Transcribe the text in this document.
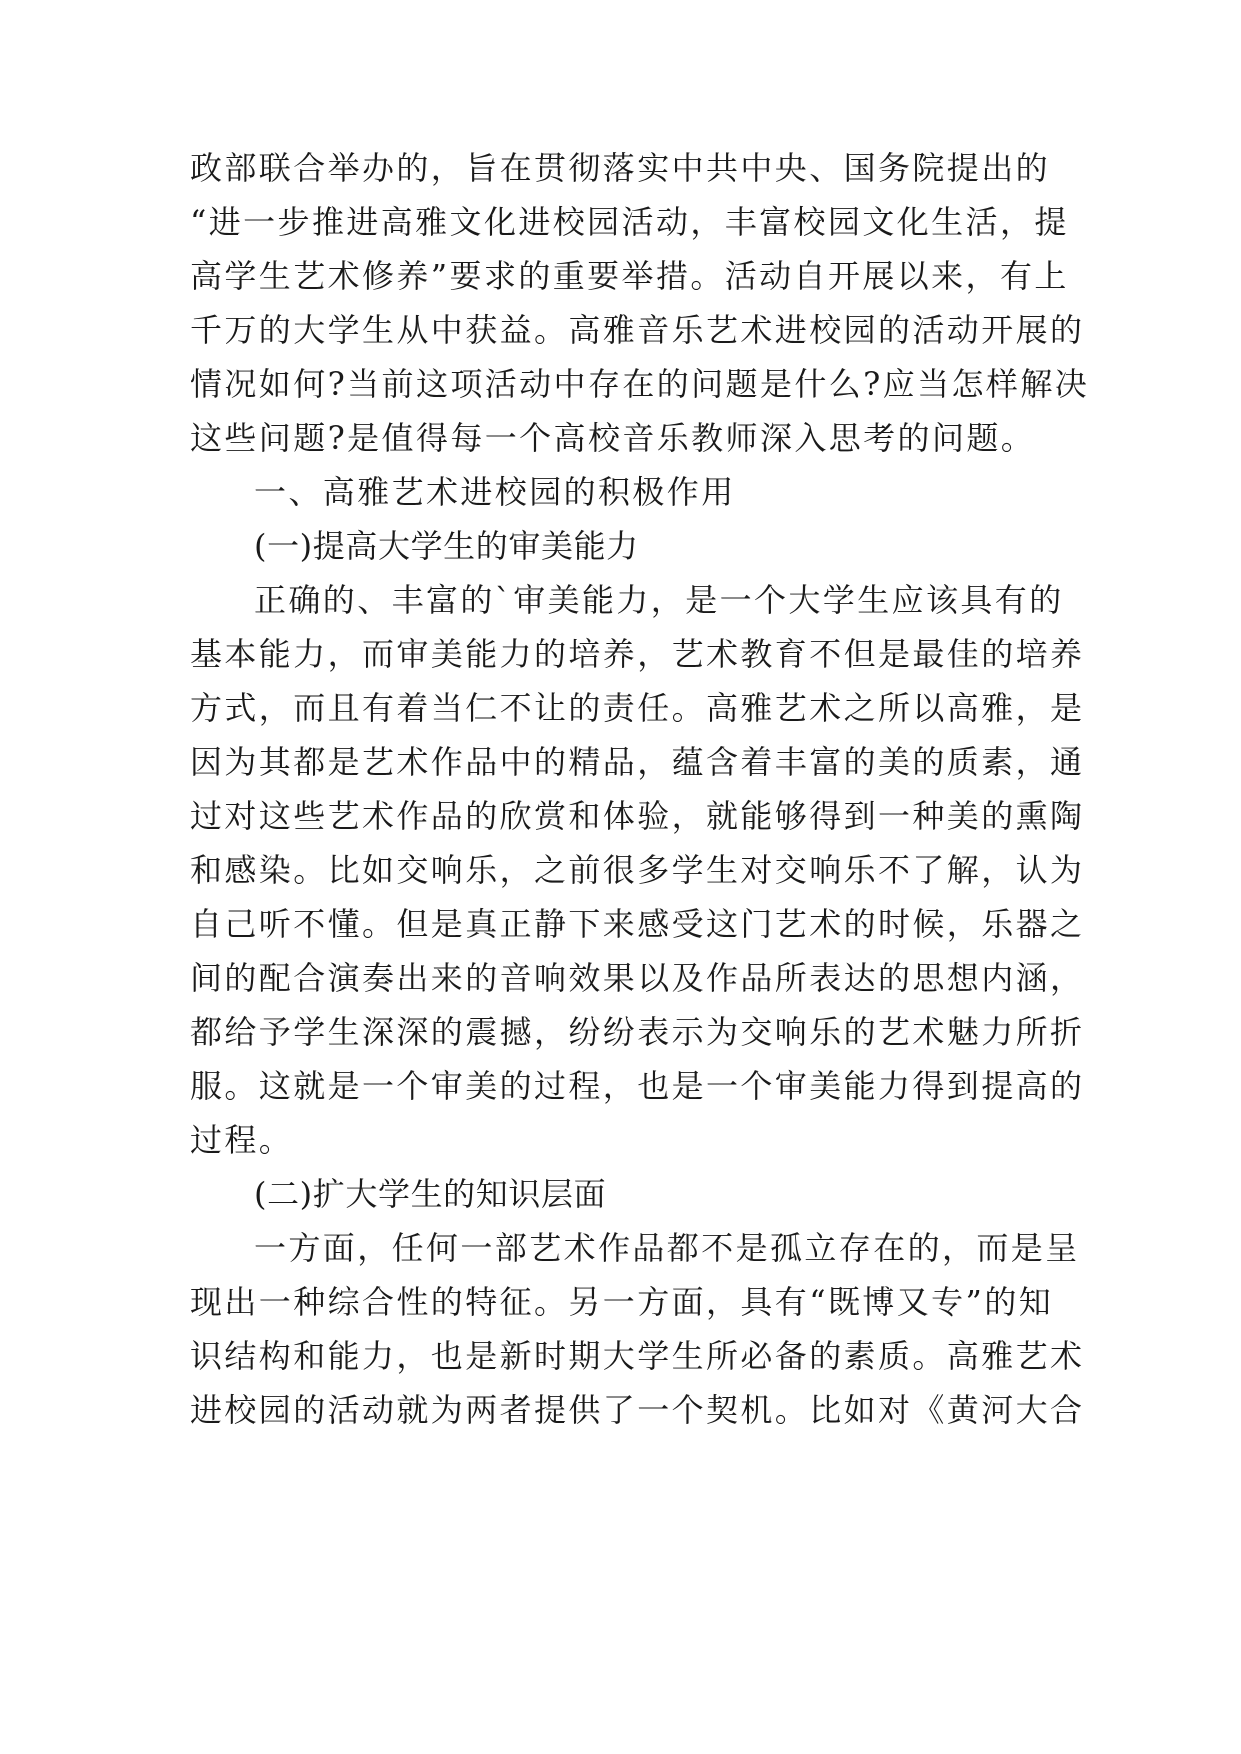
政部联合举办的，旨在贯彻落实中共中央、国务院提出的
“进一步推进高雅文化进校园活动，丰富校园文化生活，提
高学生艺术修养”要求的重要举措。活动自开展以来，有上
千万的大学生从中获益。高雅音乐艺术进校园的活动开展的
情况如何?当前这项活动中存在的问题是什么?应当怎样解决
这些问题?是值得每一个高校音乐教师深入思考的问题。
一、高雅艺术进校园的积极作用
(一)提高大学生的审美能力
正确的、丰富的`审美能力，是一个大学生应该具有的
基本能力，而审美能力的培养，艺术教育不但是最佳的培养
方式，而且有着当仁不让的责任。高雅艺术之所以高雅，是
因为其都是艺术作品中的精品，蕴含着丰富的美的质素，通
过对这些艺术作品的欣赏和体验，就能够得到一种美的熏陶
和感染。比如交响乐，之前很多学生对交响乐不了解，认为
自己听不懂。但是真正静下来感受这门艺术的时候，乐器之
间的配合演奏出来的音响效果以及作品所表达的思想内涵，
都给予学生深深的震撼，纷纷表示为交响乐的艺术魅力所折
服。这就是一个审美的过程，也是一个审美能力得到提高的
过程。
(二)扩大学生的知识层面
一方面，任何一部艺术作品都不是孤立存在的，而是呈
现出一种综合性的特征。另一方面，具有“既博又专”的知
识结构和能力，也是新时期大学生所必备的素质。高雅艺术
进校园的活动就为两者提供了一个契机。比如对《黄河大合
